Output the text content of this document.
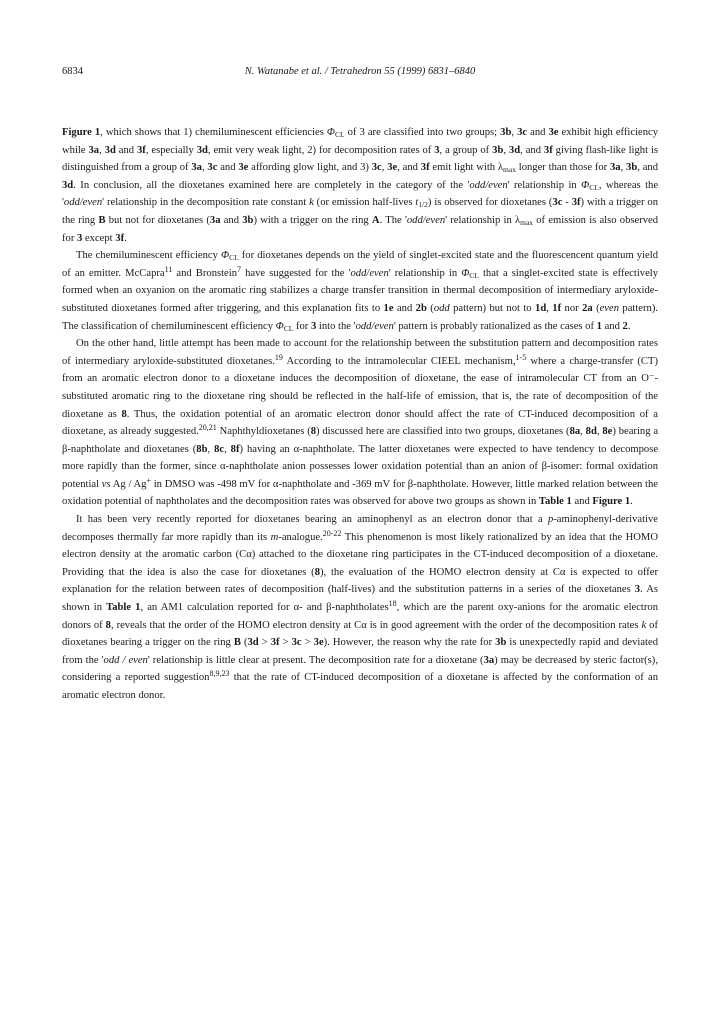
6834	N. Watanabe et al. / Tetrahedron 55 (1999) 6831–6840

Figure 1, which shows that 1) chemiluminescent efficiencies $\Phi_{CL}$ of 3 are classified into two groups; 3b, 3c and 3e exhibit high efficiency while 3a, 3d and 3f, especially 3d, emit very weak light, 2) for decomposition rates of 3, a group of 3b, 3d, and 3f giving flash-like light is distinguished from a group of 3a, 3c and 3e affording glow light, and 3) 3c, 3e, and 3f emit light with $\lambda_{max}$ longer than those for 3a, 3b, and 3d. In conclusion, all the dioxetanes examined here are completely in the category of the 'odd/even' relationship in $\Phi_{CL}$, whereas the 'odd/even' relationship in the decomposition rate constant k (or emission half-lives $t_{1/2}$) is observed for dioxetanes (3c - 3f) with a trigger on the ring B but not for dioxetanes (3a and 3b) with a trigger on the ring A. The 'odd/even' relationship in $\lambda_{max}$ of emission is also observed for 3 except 3f.

The chemiluminescent efficiency $\Phi_{CL}$ for dioxetanes depends on the yield of singlet-excited state and the fluorescencent quantum yield of an emitter. McCapra$^{11}$ and Bronstein$^7$ have suggested for the 'odd/even' relationship in $\Phi_{CL}$ that a singlet-excited state is effectively formed when an oxyanion on the aromatic ring stabilizes a charge transfer transition in thermal decomposition of intermediary aryloxide-substituted dioxetanes formed after triggering, and this explanation fits to 1e and 2b (odd pattern) but not to 1d, 1f nor 2a (even pattern). The classification of chemiluminescent efficiency $\Phi_{CL}$ for 3 into the 'odd/even' pattern is probably rationalized as the cases of 1 and 2.

On the other hand, little attempt has been made to account for the relationship between the substitution pattern and decomposition rates of intermediary aryloxide-substituted dioxetanes.$^{19}$ According to the intramolecular CIEEL mechanism,$^{1-5}$ where a charge-transfer (CT) from an aromatic electron donor to a dioxetane induces the decomposition of dioxetane, the ease of intramolecular CT from an O⁻-substituted aromatic ring to the dioxetane ring should be reflected in the half-life of emission, that is, the rate of decomposition of the dioxetane as 8. Thus, the oxidation potential of an aromatic electron donor should affect the rate of CT-induced decomposition of a dioxetane, as already suggested.$^{20,21}$ Naphthyldioxetanes (8) discussed here are classified into two groups, dioxetanes (8a, 8d, 8e) bearing a β-naphtholate and dioxetanes (8b, 8c, 8f) having an α-naphtholate. The latter dioxetanes were expected to have tendency to decompose more rapidly than the former, since α-naphtholate anion possesses lower oxidation potential than an anion of β-isomer: formal oxidation potential vs Ag / Ag+ in DMSO was -498 mV for α-naphtholate and -369 mV for β-naphtholate. However, little marked relation between the oxidation potential of naphtholates and the decomposition rates was observed for above two groups as shown in Table 1 and Figure 1.

It has been very recently reported for dioxetanes bearing an aminophenyl as an electron donor that a p-aminophenyl-derivative decomposes thermally far more rapidly than its m-analogue.$^{20-22}$ This phenomenon is most likely rationalized by an idea that the HOMO electron density at the aromatic carbon (Cα) attached to the dioxetane ring participates in the CT-induced decomposition of a dioxetane. Providing that the idea is also the case for dioxetanes (8), the evaluation of the HOMO electron density at Cα is expected to offer explanation for the relation between rates of decomposition (half-lives) and the substitution patterns in a series of the dioxetanes 3. As shown in Table 1, an AM1 calculation reported for α- and β-naphtholates$^{18}$, which are the parent oxy-anions for the aromatic electron donors of 8, reveals that the order of the HOMO electron density at Cα is in good agreement with the order of the decomposition rates k of dioxetanes bearing a trigger on the ring B (3d > 3f > 3c > 3e). However, the reason why the rate for 3b is unexpectedly rapid and deviated from the 'odd / even' relationship is little clear at present. The decomposition rate for a dioxetane (3a) may be decreased by steric factor(s), considering a reported suggestion$^{8,9,23}$ that the rate of CT-induced decomposition of a dioxetane is affected by the conformation of an aromatic electron donor.
